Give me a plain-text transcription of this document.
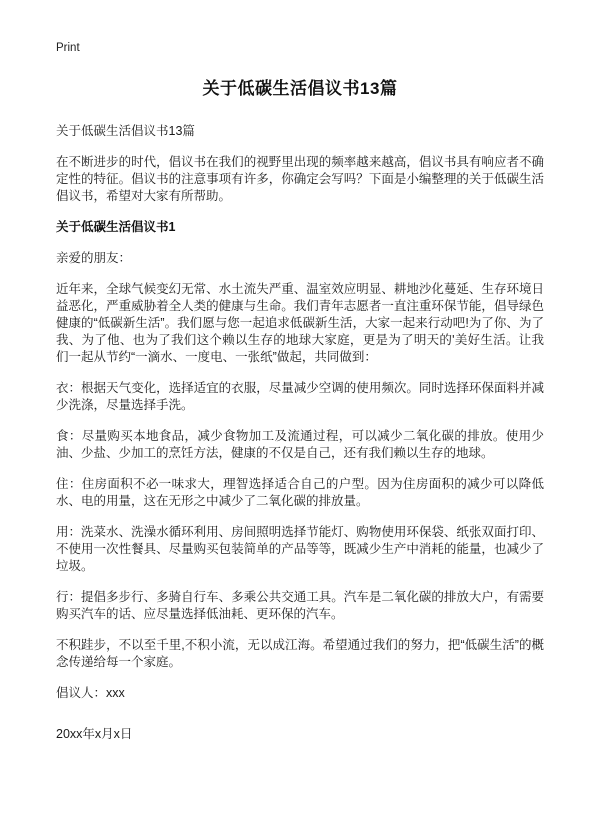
Print
关于低碳生活倡议书13篇

关于低碳生活倡议书13篇

在不断进步的时代，倡议书在我们的视野里出现的频率越来越高，倡议书具有响应者不确定性的特征。倡议书的注意事项有许多，你确定会写吗？下面是小编整理的关于低碳生活倡议书，希望对大家有所帮助。

关于低碳生活倡议书1

亲爱的朋友：

近年来，全球气候变幻无常、水土流失严重、温室效应明显、耕地沙化蔓延、生存环境日益恶化，严重威胁着全人类的健康与生命。我们青年志愿者一直注重环保节能，倡导绿色健康的“低碳新生活”。我们愿与您一起追求低碳新生活，大家一起来行动吧!为了你、为了我、为了他、也为了我们这个赖以生存的地球大家庭，更是为了明天的'美好生活。让我们一起从节约“一滴水、一度电、一张纸”做起，共同做到：

衣：根据天气变化，选择适宜的衣服，尽量减少空调的使用频次。同时选择环保面料并减少洗涤，尽量选择手洗。

食：尽量购买本地食品，减少食物加工及流通过程，可以减少二氧化碳的排放。使用少油、少盐、少加工的烹饪方法，健康的不仅是自己，还有我们赖以生存的地球。

住：住房面积不必一味求大，理智选择适合自己的户型。因为住房面积的减少可以降低水、电的用量，这在无形之中减少了二氧化碳的排放量。

用：洗菜水、洗澡水循环利用、房间照明选择节能灯、购物使用环保袋、纸张双面打印、不使用一次性餐具、尽量购买包装简单的产品等等，既减少生产中消耗的能量，也减少了垃圾。

行：提倡多步行、多骑自行车、多乘公共交通工具。汽车是二氧化碳的排放大户，有需要购买汽车的话、应尽量选择低油耗、更环保的汽车。

不积跬步，不以至千里,不积小流，无以成江海。希望通过我们的努力，把“低碳生活”的概念传递给每一个家庭。

倡议人：xxx

20xx年x月x日
